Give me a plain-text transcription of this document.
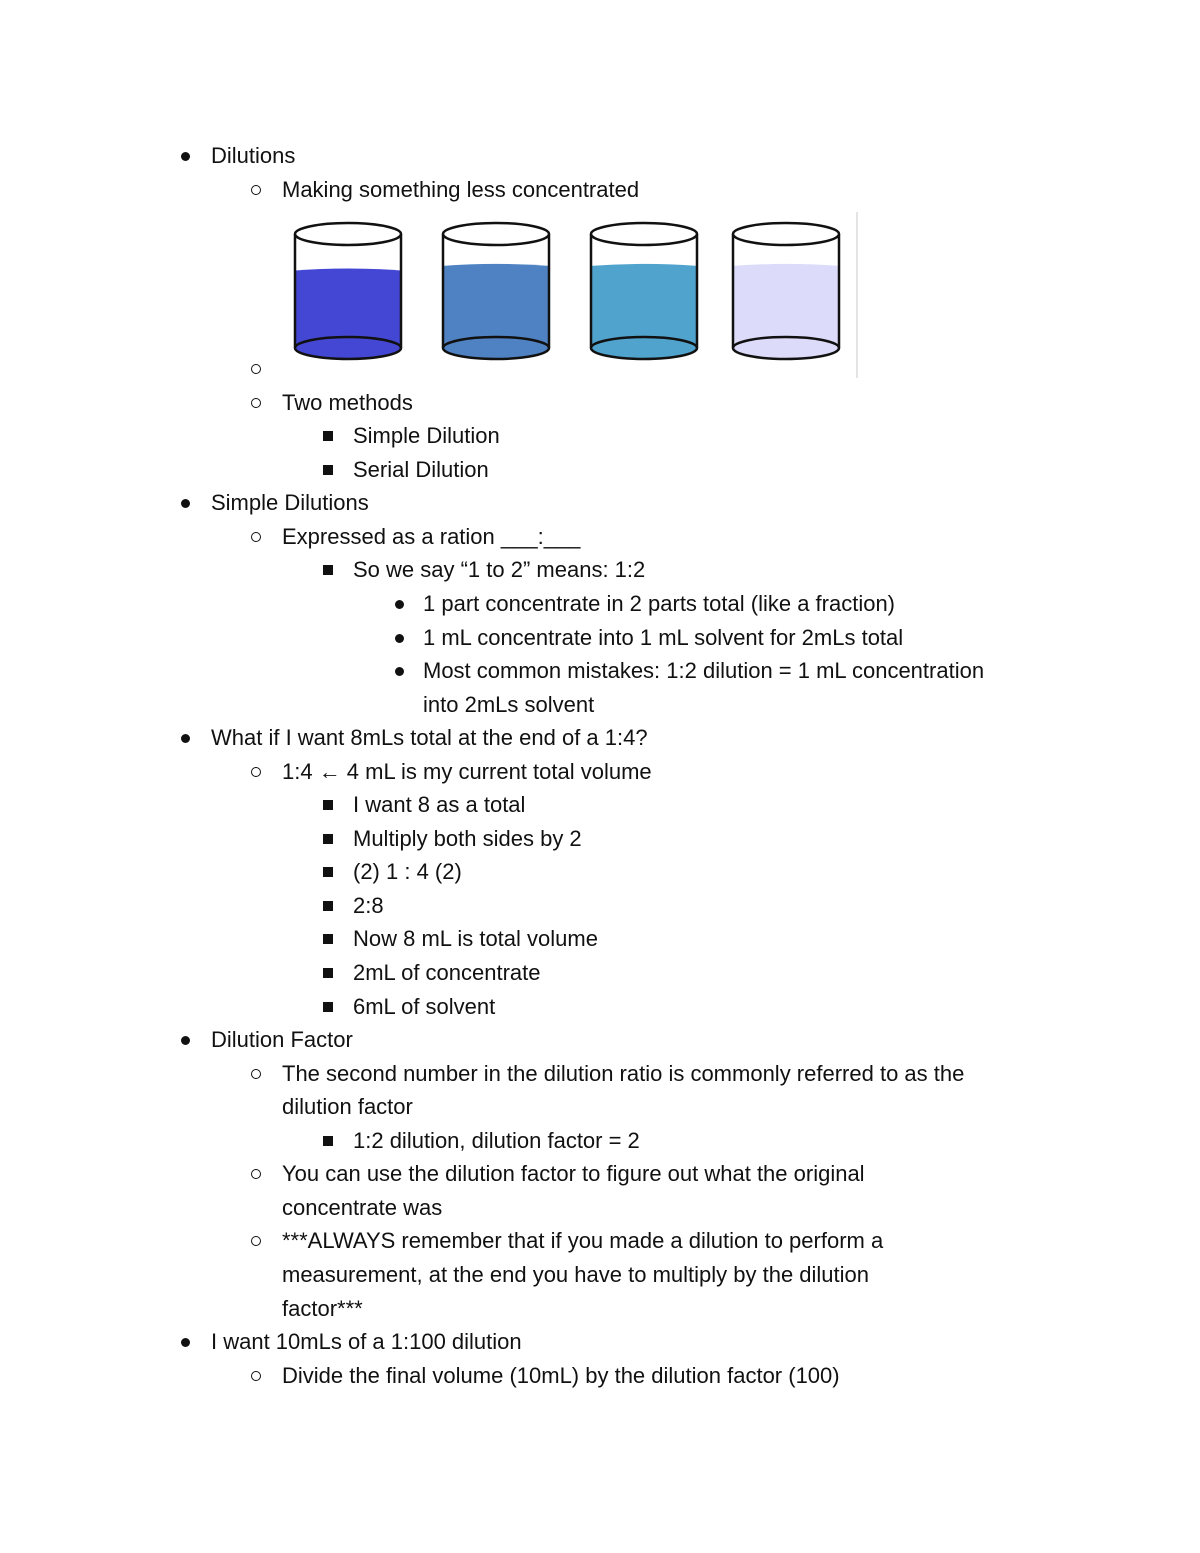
Dilutions
Making something less concentrated
Two methods
Simple Dilution
Serial Dilution
Simple Dilutions
Expressed as a ration ___:___
So we say “1 to 2” means: 1:2
1 part concentrate in 2 parts total (like a fraction)
1 mL concentrate into 1 mL solvent for 2mLs total
Most common mistakes: 1:2 dilution = 1 mL concentration
into 2mLs solvent
What if I want 8mLs total at the end of a 1:4?
1:4 ← 4 mL is my current total volume
I want 8 as a total
Multiply both sides by 2
(2) 1 : 4 (2)
2:8
Now 8 mL is total volume
2mL of concentrate
6mL of solvent
Dilution Factor
The second number in the dilution ratio is commonly referred to as the
dilution factor
1:2 dilution, dilution factor = 2
You can use the dilution factor to figure out what the original
concentrate was
***ALWAYS remember that if you made a dilution to perform a
measurement, at the end you have to multiply by the dilution
factor***
I want 10mLs of a 1:100 dilution
Divide the final volume (10mL) by the dilution factor (100)
